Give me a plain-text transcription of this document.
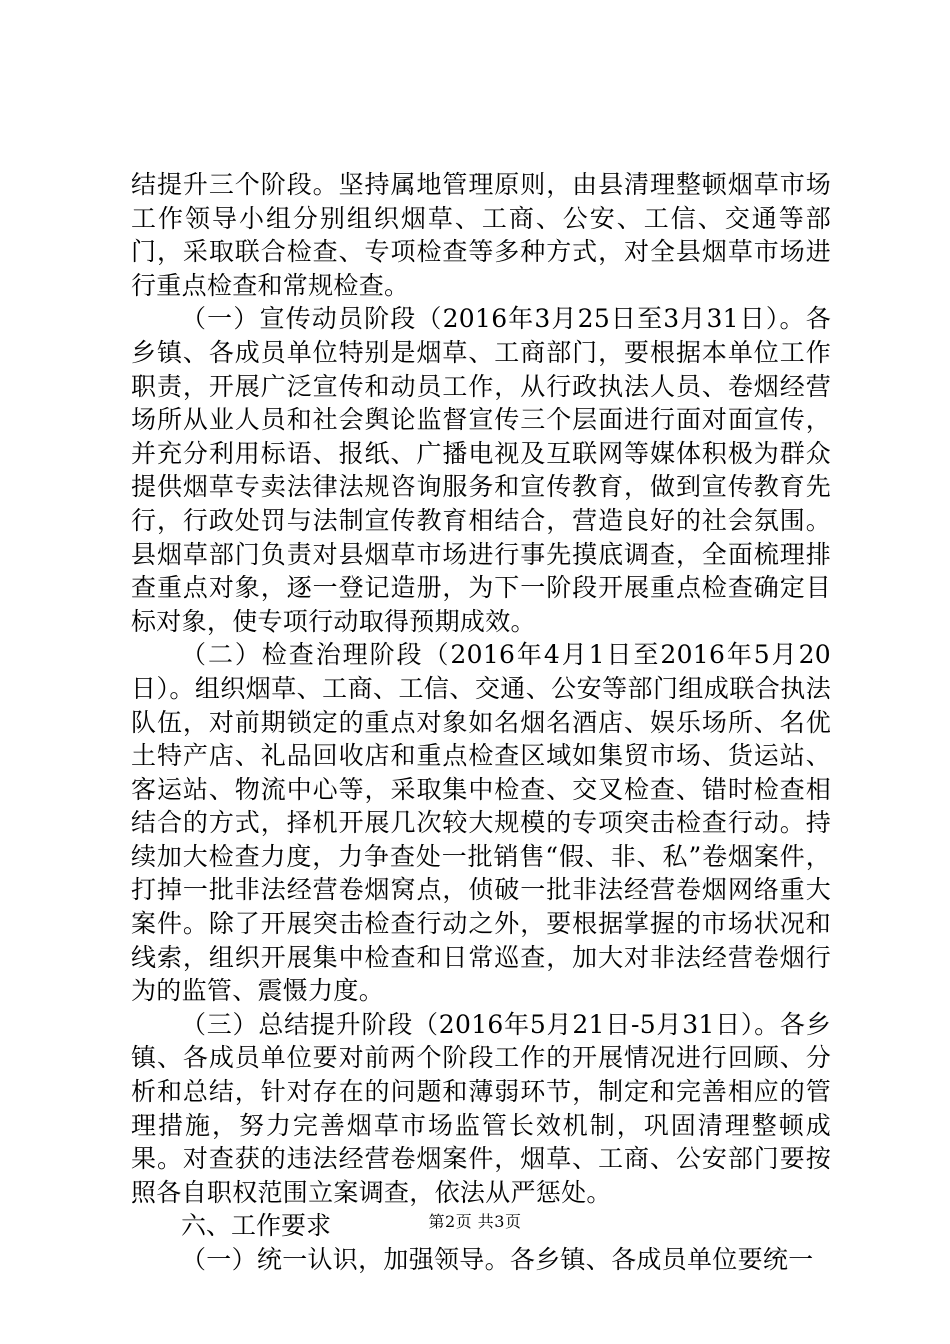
结提升三个阶段。坚持属地管理原则，由县清理整顿烟草市场工作领导小组分别组织烟草、工商、公安、工信、交通等部门，采取联合检查、专项检查等多种方式，对全县烟草市场进行重点检查和常规检查。

（一）宣传动员阶段（2016年3月25日至3月31日）。各乡镇、各成员单位特别是烟草、工商部门，要根据本单位工作职责，开展广泛宣传和动员工作，从行政执法人员、卷烟经营场所从业人员和社会舆论监督宣传三个层面进行面对面宣传，并充分利用标语、报纸、广播电视及互联网等媒体积极为群众提供烟草专卖法律法规咨询服务和宣传教育，做到宣传教育先行，行政处罚与法制宣传教育相结合，营造良好的社会氛围。县烟草部门负责对县烟草市场进行事先摸底调查，全面梳理排查重点对象，逐一登记造册，为下一阶段开展重点检查确定目标对象，使专项行动取得预期成效。

（二）检查治理阶段（2016年4月1日至2016年5月20日）。组织烟草、工商、工信、交通、公安等部门组成联合执法队伍，对前期锁定的重点对象如名烟名酒店、娱乐场所、名优土特产店、礼品回收店和重点检查区域如集贸市场、货运站、客运站、物流中心等，采取集中检查、交叉检查、错时检查相结合的方式，择机开展几次较大规模的专项突击检查行动。持续加大检查力度，力争查处一批销售“假、非、私”卷烟案件，打掉一批非法经营卷烟窝点，侦破一批非法经营卷烟网络重大案件。除了开展突击检查行动之外，要根据掌握的市场状况和线索，组织开展集中检查和日常巡查，加大对非法经营卷烟行为的监管、震慑力度。

（三）总结提升阶段（2016年5月21日-5月31日）。各乡镇、各成员单位要对前两个阶段工作的开展情况进行回顾、分析和总结，针对存在的问题和薄弱环节，制定和完善相应的管理措施，努力完善烟草市场监管长效机制，巩固清理整顿成果。对查获的违法经营卷烟案件，烟草、工商、公安部门要按照各自职权范围立案调查，依法从严惩处。

六、工作要求

（一）统一认识，加强领导。各乡镇、各成员单位要统一

第2页 共3页
